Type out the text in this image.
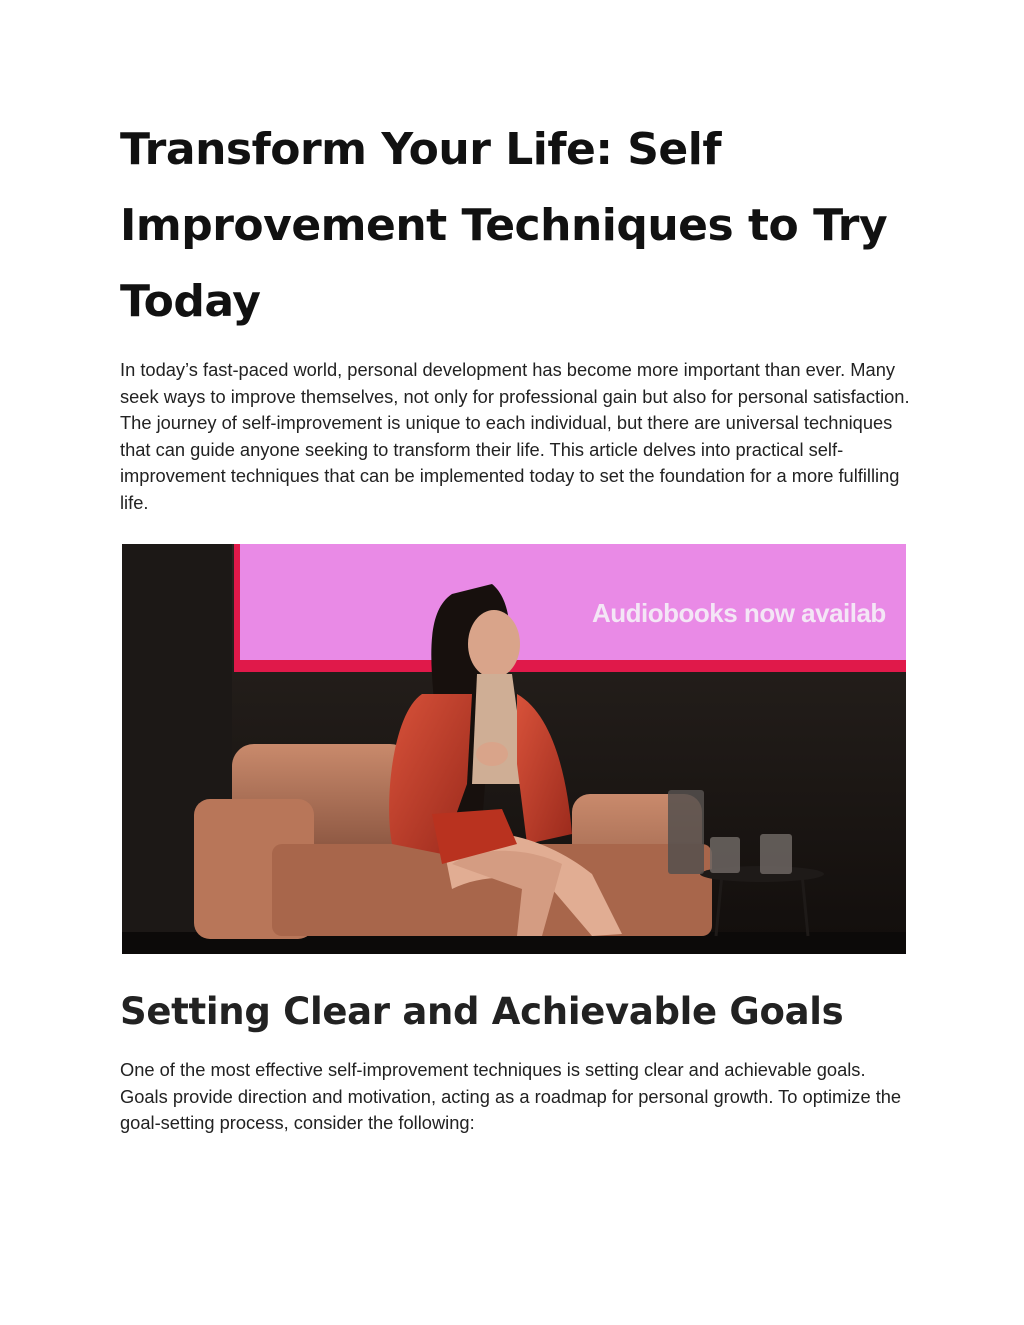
Transform Your Life: Self Improvement Techniques to Try Today

In today’s fast-paced world, personal development has become more important than ever. Many seek ways to improve themselves, not only for professional gain but also for personal satisfaction. The journey of self-improvement is unique to each individual, but there are universal techniques that can guide anyone seeking to transform their life. This article delves into practical self-improvement techniques that can be implemented today to set the foundation for a more fulfilling life.

Audiobooks now availab
Setting Clear and Achievable Goals

One of the most effective self-improvement techniques is setting clear and achievable goals. Goals provide direction and motivation, acting as a roadmap for personal growth. To optimize the goal-setting process, consider the following:
